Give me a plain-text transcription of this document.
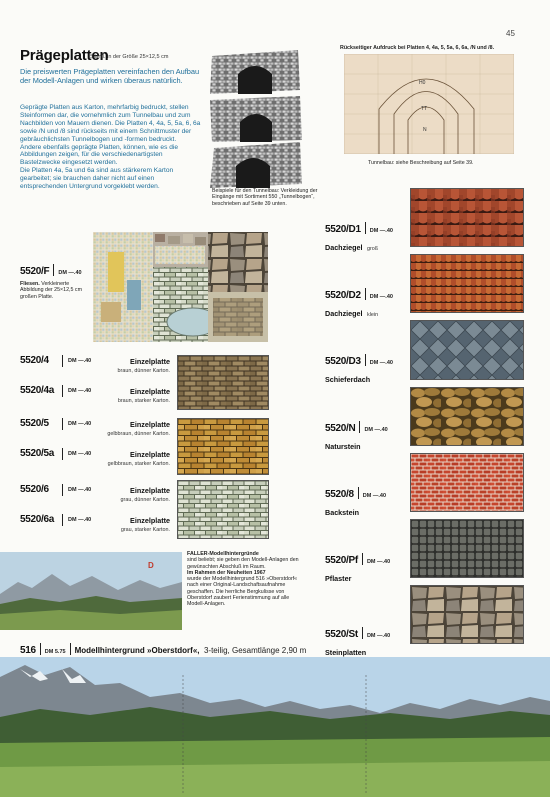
45
Prägeplatten
Sämtl. in der Größe 25×12,5 cm
Die preiswerten Prägeplatten vereinfachen den Aufbau der Modell-Anlagen und wirken überaus natürlich.

Geprägte Platten aus Karton, mehrfarbig bedruckt, stellen Steinformen dar, die vornehmlich zum Tunnelbau und zum Nachbilden von Mauern dienen. Die Platten 4, 4a, 5, 5a, 6, 6a sowie /N und /8 sind rückseits mit einem Schnittmuster der gebräuchlichsten Tunnelbogen und -formen bedruckt.

Andere ebenfalls geprägte Platten, können, wie es die Abbildungen zeigen, für die verschiedenartigsten Bastelzwecke eingesetzt werden.

Die Platten 4a, 5a und 6a sind aus stärkerem Karton gearbeitet; sie brauchen daher nicht auf einen entsprechenden Untergrund vorgeklebt werden.

Beispiele für den Tunnelbau: Verkleidung der Eingänge mit Sortiment 550 „Tunnelbogen“, beschrieben auf Seite 39 unten.
Rückseitiger Aufdruck bei Platten 4, 4a, 5, 5a, 6, 6a, /N und /8.
H0
TT
N
Tunnelbau: siehe Beschreibung auf Seite 39.
5520/F DM —.40
Fliesen. Verkleinerte Abbildung der 25×12,5 cm großen Platte.
5520/4	DM —.40	Einzelplatte
braun, dünner Karton.
5520/4a	DM —.40	Einzelplatte
braun, starker Karton.
5520/5	DM —.40	Einzelplatte
gelbbraun, dünner Karton.
5520/5a	DM —.40	Einzelplatte
gelbbraun, starker Karton.
5520/6	DM —.40	Einzelplatte
grau, dünner Karton.
5520/6a	DM —.40	Einzelplatte
grau, starker Karton.
5520/D1 DM —.40
Dachziegel groß
5520/D2 DM —.40
Dachziegel klein
5520/D3 DM —.40
Schieferdach
5520/N DM —.40
Naturstein
5520/8 DM —.40
Backstein
5520/Pf DM —.40
Pflaster
5520/St DM —.40
Steinplatten
D
FALLER-Modellhintergründe
sind beliebt; sie geben den Modell-Anlagen den gewünschten Abschluß im Raum.
Im Rahmen der Neuheiten 1967
wurde der Modellhintergrund 516 »Oberstdorf« nach einer Original-Landschaftsaufnahme geschaffen. Die herrliche Bergkulisse von Oberstdorf zaubert Ferienstimmung auf alle Modell-Anlagen.
516 DM 5.75 Modellhintergrund »Oberstdorf«, 3-teilig, Gesamtlänge 2,90 m
